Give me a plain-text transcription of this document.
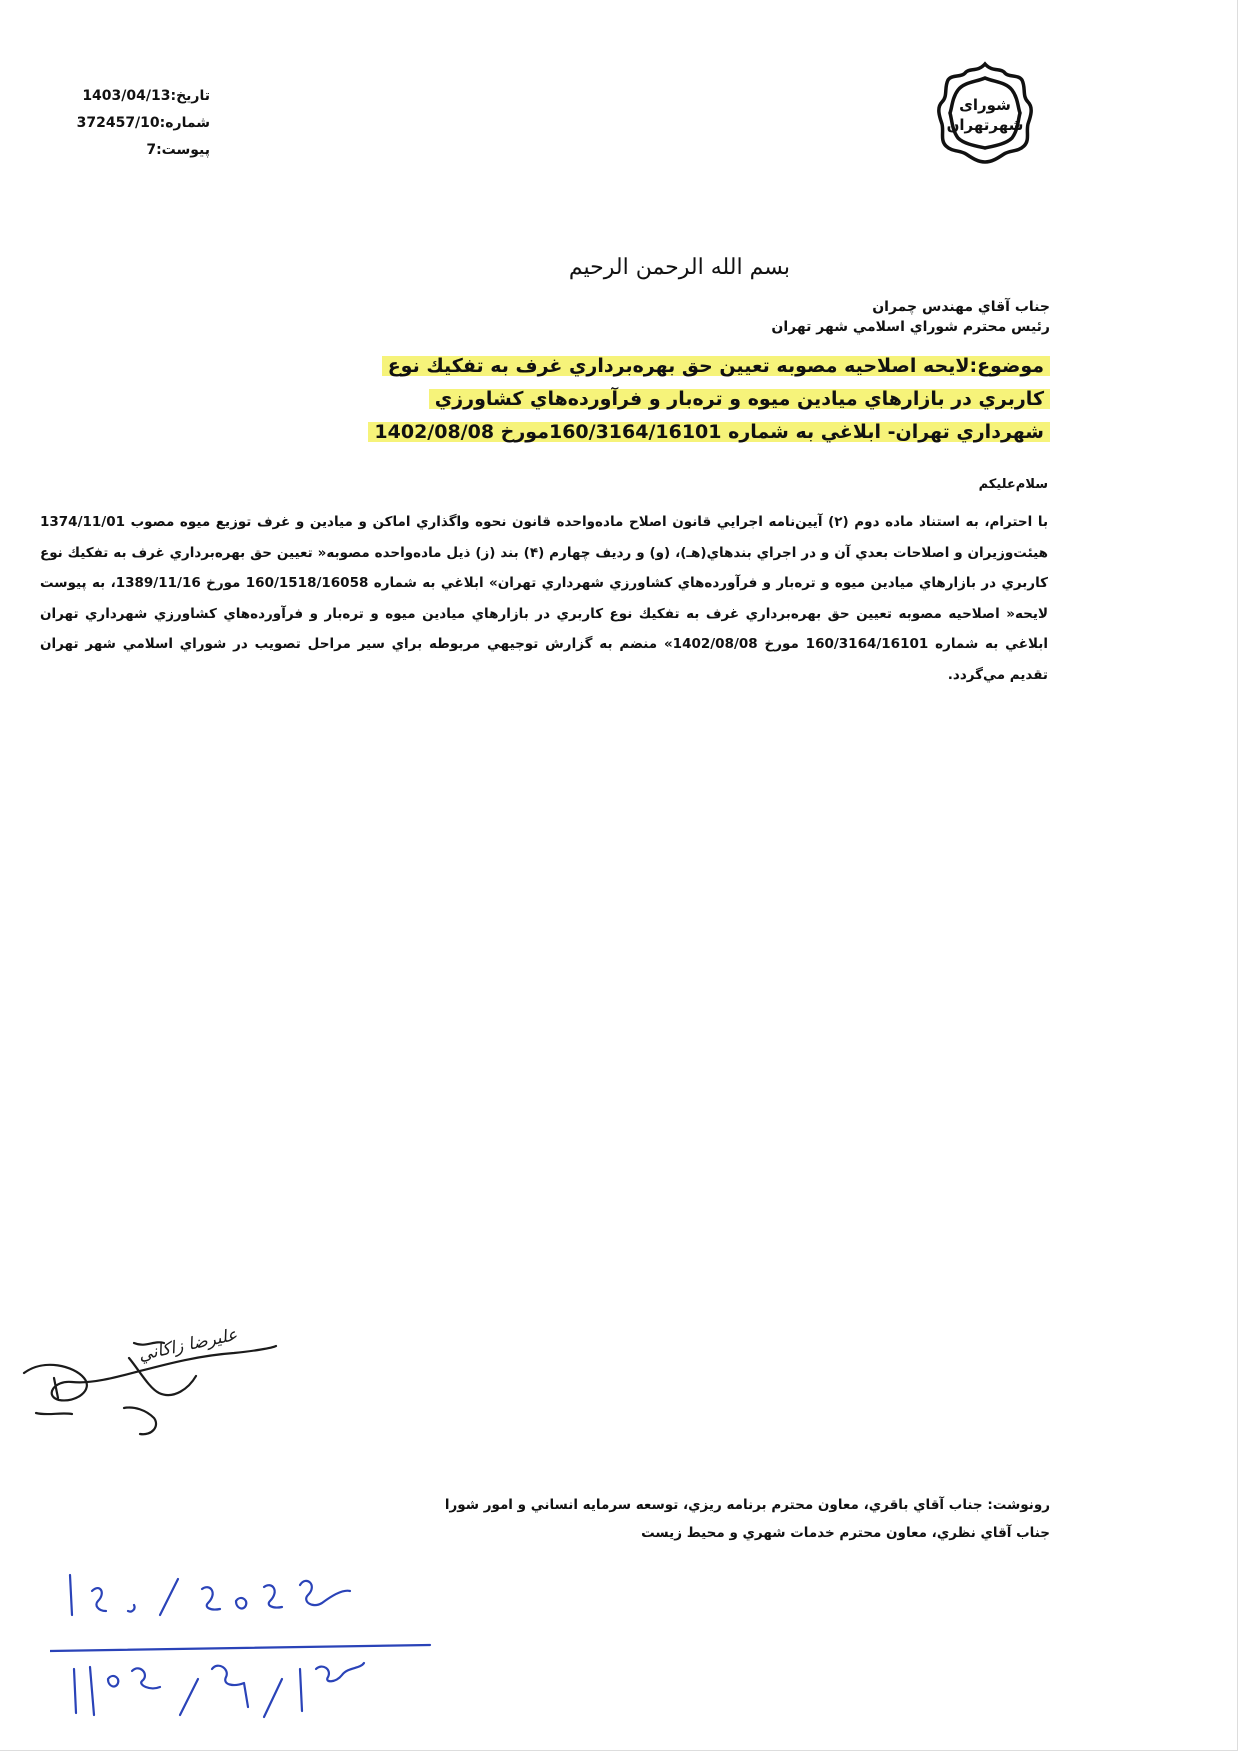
شورای
شهرتهران
تاریخ:1403/04/13
شماره:372457/10
پیوست:7
بسم الله الرحمن الرحيم
جناب آقاي مهندس چمران
رئيس محترم شوراي اسلامي شهر تهران
موضوع:لايحه اصلاحيه مصوبه تعيين حق بهره‌برداري غرف به تفكيك نوع
كاربري در بازارهاي ميادين ميوه و تره‌بار و فرآورده‌هاي كشاورزي
شهرداري تهران- ابلاغي به شماره 160/3164/16101مورخ 1402/08/08
سلام‌عليكم
با احترام، به استناد ماده دوم (۲) آيين‌نامه اجرايي قانون اصلاح ماده‌واحده قانون نحوه واگذاري اماكن و ميادين و غرف توزيع ميوه مصوب 1374/11/01 هيئت‌وزيران و اصلاحات بعدي آن و در اجراي بندهاي(هـ)، (و) و رديف چهارم (۴) بند (ز) ذيل ماده‌واحده مصوبه« تعيين حق بهره‌برداري غرف به تفكيك نوع كاربري در بازارهاي ميادين ميوه و تره‌بار و فرآورده‌هاي كشاورزي شهرداري تهران» ابلاغي به شماره 160/1518/16058 مورخ 1389/11/16، به پيوست لايحه« اصلاحيه مصوبه تعيين حق بهره‌برداري غرف به تفكيك نوع كاربري در بازارهاي ميادين ميوه و تره‌بار و فرآورده‌هاي كشاورزي شهرداري تهران ابلاغي به شماره 160/3164/16101 مورخ 1402/08/08» منضم به گزارش توجيهي مربوطه براي سير مراحل تصويب در شوراي اسلامي شهر تهران تقديم مي‌گردد.
عليرضا زاكاني
رونوشت: جناب آقاي باقري، معاون محترم برنامه ريزي، توسعه سرمايه انساني و امور شورا
جناب آقاي نظري، معاون محترم خدمات شهري و محيط زيست
۱۲۰/۲۰۲۵
۱۴۰۲/۴/۱۳
